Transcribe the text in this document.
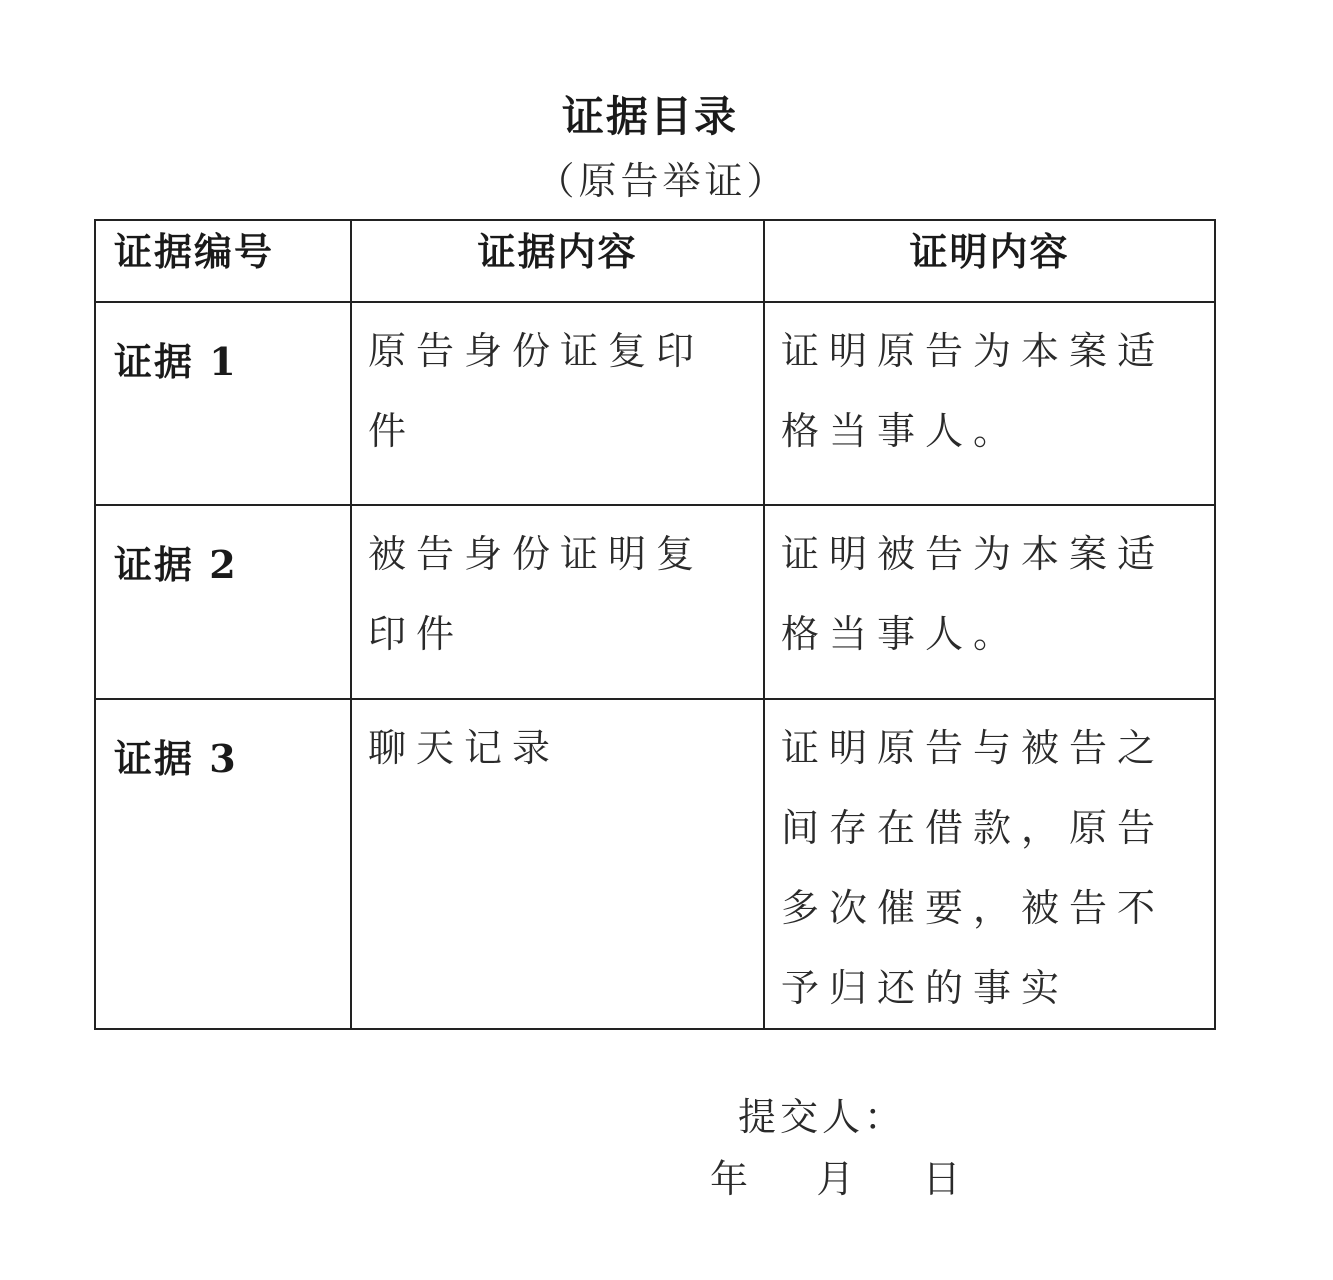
证据目录
（原告举证）
证据编号	证据内容	证明内容

证据 1	原告身份证复印件	证明原告为本案适格当事人。

证据 2	被告身份证明复印件	证明被告为本案适格当事人。

证据 3	聊天记录	证明原告与被告之间存在借款，原告多次催要，被告不予归还的事实
提交人：
年    月    日
